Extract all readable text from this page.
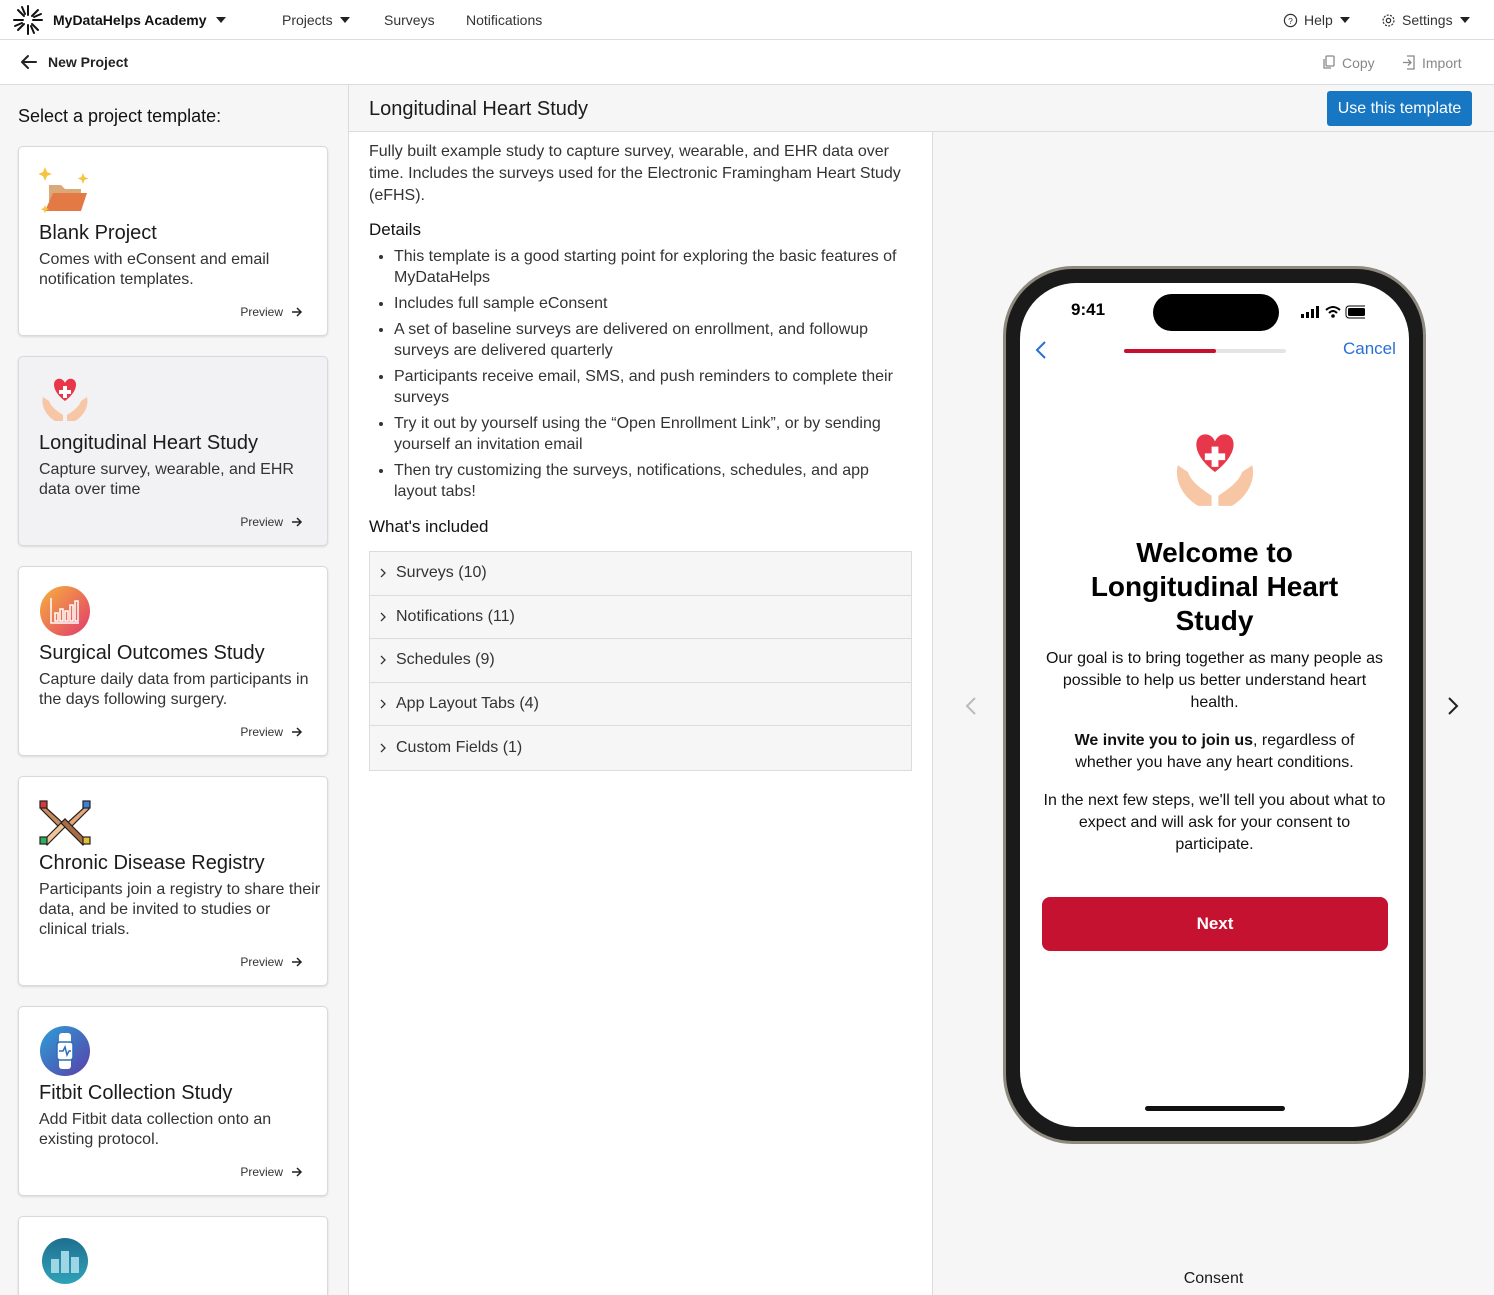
MyDataHelps Academy	Projects	Surveys Notifications	? Help	Settings
New Project	Copy	Import
Select a project template:
Blank Project
Comes with eConsent and email notification templates.
Preview
Longitudinal Heart Study
Capture survey, wearable, and EHR data over time
Preview
Surgical Outcomes Study
Capture daily data from participants in the days following surgery.
Preview
Chronic Disease Registry
Participants join a registry to share their data, and be invited to studies or clinical trials.
Preview
Fitbit Collection Study
Add Fitbit data collection onto an existing protocol.
Preview
Longitudinal Heart Study	Use this template

Fully built example study to capture survey, wearable, and EHR data over time. Includes the surveys used for the Electronic Framingham Heart Study (eFHS).

Details
• This template is a good starting point for exploring the basic features of MyDataHelps
• Includes full sample eConsent
• A set of baseline surveys are delivered on enrollment, and followup surveys are delivered quarterly
• Participants receive email, SMS, and push reminders to complete their surveys
• Try it out by yourself using the “Open Enrollment Link”, or by sending yourself an invitation email
• Then try customizing the surveys, notifications, schedules, and app layout tabs!
What's included
Surveys (10)
Notifications (11)
Schedules (9)
App Layout Tabs (4)
Custom Fields (1)
9:41
Cancel
Welcome to Longitudinal Heart Study
Our goal is to bring together as many people as possible to help us better understand heart health.
We invite you to join us, regardless of whether you have any heart conditions.
In the next few steps, we'll tell you about what to expect and will ask for your consent to participate.
Next
Consent
